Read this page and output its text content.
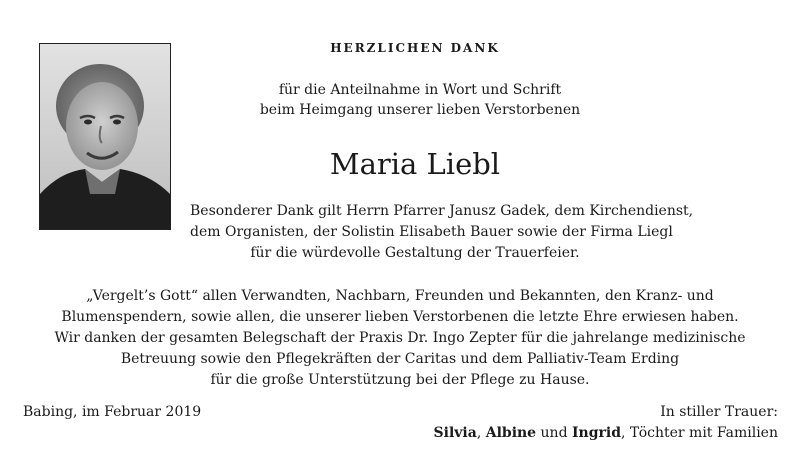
HERZLICHEN DANK
für die Anteilnahme in Wort und Schrift
beim Heimgang unserer lieben Verstorbenen
Maria Liebl
Besonderer Dank gilt Herrn Pfarrer Janusz Gadek, dem Kirchendienst,
dem Organisten, der Solistin Elisabeth Bauer sowie der Firma Liegl
für die würdevolle Gestaltung der Trauerfeier.
„Vergelt’s Gott“ allen Verwandten, Nachbarn, Freunden und Bekannten, den Kranz- und
Blumenspendern, sowie allen, die unserer lieben Verstorbenen die letzte Ehre erwiesen haben.
Wir danken der gesamten Belegschaft der Praxis Dr. Ingo Zepter für die jahrelange medizinische
Betreuung sowie den Pflegekräften der Caritas und dem Palliativ-Team Erding
für die große Unterstützung bei der Pflege zu Hause.
Babing, im Februar 2019	In stiller Trauer:
Silvia, Albine und Ingrid, Töchter mit Familien
